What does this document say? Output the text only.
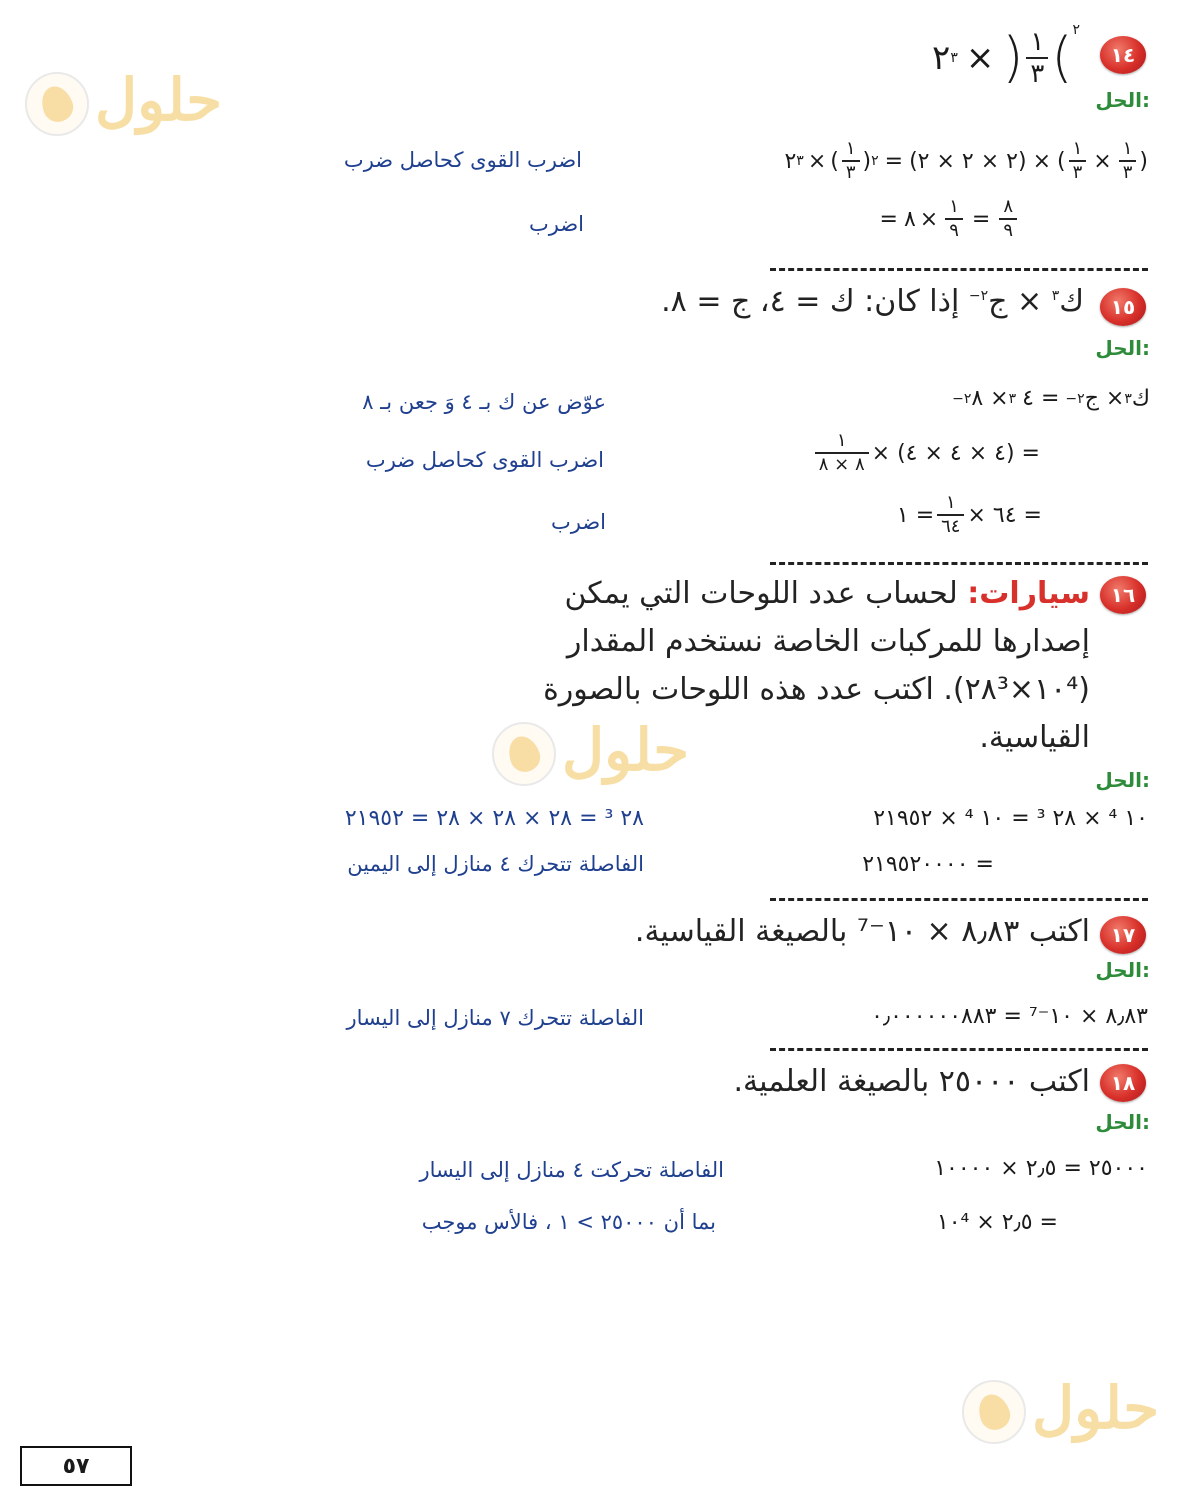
حلول
حلول
حلول
١٤
٢ ٣ × ) $\frac{١}{٣}$ ( ٢
الحل:
٢ ٣ × ( $\frac{١}{٣}$ ) ٢ = (٢ × ٢ × ٢) × ( $\frac{١}{٣} \times \frac{١}{٣}$ )
اضرب القوى كحاصل ضرب
= ٨ × $\frac{١}{٩} = \frac{٨}{٩}$
اضرب
١٥
ك$^٣$ × ج$^{-٢}$ إذا كان: ك = ٤، ج = ٨.
الحل:
ك
٣
× ج
−٢
= ٤
٣
× ٨
−٢
عوّض عن ك بـ ٤ وَ جعن بـ ٨
$\frac{١}{٨ \times ٨}$ = (٤ × ٤ × ٤) ×
اضرب القوى كحاصل ضرب
= ١ $\frac{١}{٦٤}$ = ٦٤ ×
اضرب
١٦
سيارات: لحساب عدد اللوحات التي يمكن
إصدارها للمركبات الخاصة نستخدم المقدار
(١٠⁴×٢٨³). اكتب عدد هذه اللوحات بالصورة
القياسية.
الحل:
١٠ ⁴ × ٢٨ ³ = ١٠ ⁴ × ٢١٩٥٢
٢٨ ³ = ٢٨ × ٢٨ × ٢٨ = ٢١٩٥٢
= ٢١٩٥٢٠٠٠٠
الفاصلة تتحرك ٤ منازل إلى اليمين
١٧
اكتب ٨٫٨٣ × ١٠⁻⁷ بالصيغة القياسية.
الحل:
٨٫٨٣ × ١٠⁻⁷ = ٠٫٠٠٠٠٠٠٨٨٣
الفاصلة تتحرك ٧ منازل إلى اليسار
١٨
اكتب ٢٥٠٠٠ بالصيغة العلمية.
الحل:
٢٥٠٠٠ = ٢٫٥ × ١٠٠٠٠
الفاصلة تحركت ٤ منازل إلى اليسار
= ٢٫٥ × ١٠⁴
بما أن ٢٥٠٠٠ > ١ ، فالأس موجب
٥٧
